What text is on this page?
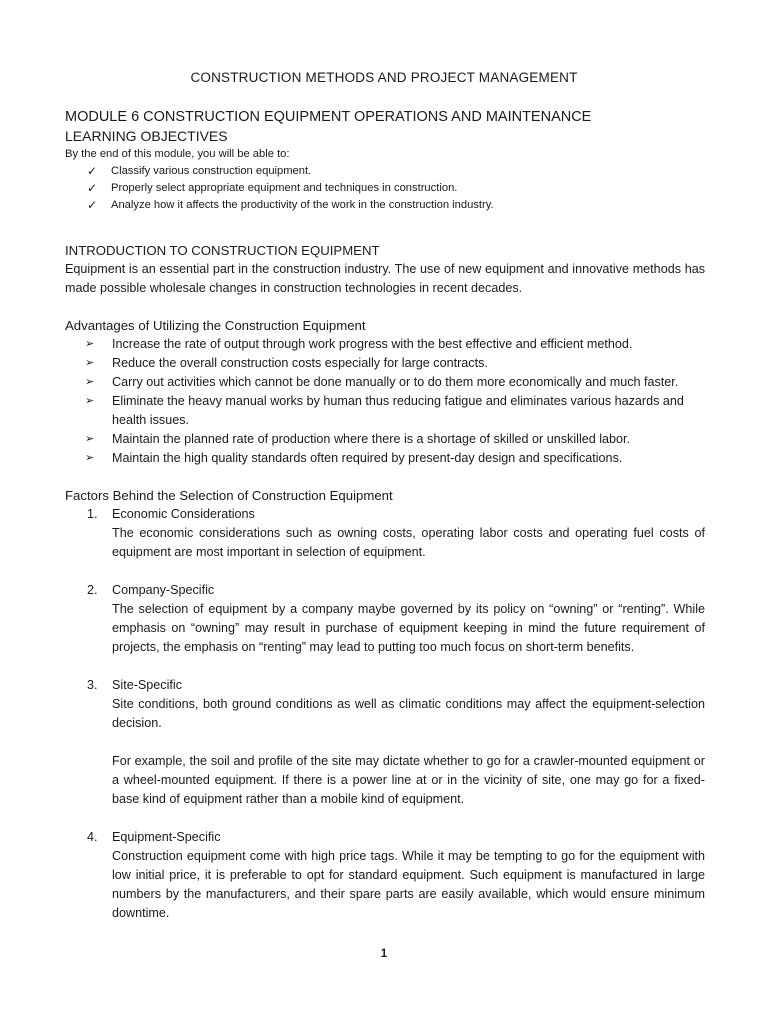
CONSTRUCTION METHODS AND PROJECT MANAGEMENT
MODULE 6 CONSTRUCTION EQUIPMENT OPERATIONS AND MAINTENANCE
LEARNING OBJECTIVES
By the end of this module, you will be able to:
✓ Classify various construction equipment.
✓ Properly select appropriate equipment and techniques in construction.
✓ Analyze how it affects the productivity of the work in the construction industry.
INTRODUCTION TO CONSTRUCTION EQUIPMENT
Equipment is an essential part in the construction industry. The use of new equipment and innovative methods has made possible wholesale changes in construction technologies in recent decades.
Advantages of Utilizing the Construction Equipment
➢ Increase the rate of output through work progress with the best effective and efficient method.
➢ Reduce the overall construction costs especially for large contracts.
➢ Carry out activities which cannot be done manually or to do them more economically and much faster.
➢ Eliminate the heavy manual works by human thus reducing fatigue and eliminates various hazards and health issues.
➢ Maintain the planned rate of production where there is a shortage of skilled or unskilled labor.
➢ Maintain the high quality standards often required by present-day design and specifications.
Factors Behind the Selection of Construction Equipment
1. Economic Considerations

The economic considerations such as owning costs, operating labor costs and operating fuel costs of equipment are most important in selection of equipment.

2. Company-Specific

The selection of equipment by a company maybe governed by its policy on “owning” or “renting”. While emphasis on “owning” may result in purchase of equipment keeping in mind the future requirement of projects, the emphasis on “renting” may lead to putting too much focus on short-term benefits.

3. Site-Specific

Site conditions, both ground conditions as well as climatic conditions may affect the equipment-selection decision.

For example, the soil and profile of the site may dictate whether to go for a crawler-mounted equipment or a wheel-mounted equipment. If there is a power line at or in the vicinity of site, one may go for a fixed-base kind of equipment rather than a mobile kind of equipment.

4. Equipment-Specific

Construction equipment come with high price tags. While it may be tempting to go for the equipment with low initial price, it is preferable to opt for standard equipment. Such equipment is manufactured in large numbers by the manufacturers, and their spare parts are easily available, which would ensure minimum downtime.

1
